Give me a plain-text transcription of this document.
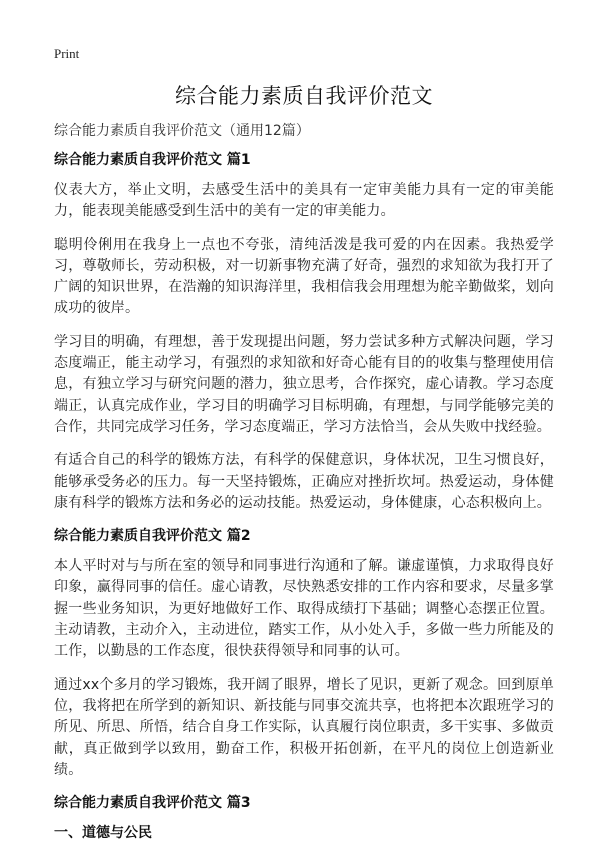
Print
综合能力素质自我评价范文
综合能力素质自我评价范文（通用12篇）
综合能力素质自我评价范文 篇1

仪表大方，举止文明，去感受生活中的美具有一定审美能力具有一定的审美能力，能表现美能感受到生活中的美有一定的审美能力。

聪明伶俐用在我身上一点也不夸张，清纯活泼是我可爱的内在因素。我热爱学习，尊敬师长，劳动积极，对一切新事物充满了好奇，强烈的求知欲为我打开了广阔的知识世界，在浩瀚的知识海洋里，我相信我会用理想为舵辛勤做桨，划向成功的彼岸。

学习目的明确，有理想，善于发现提出问题，努力尝试多种方式解决问题，学习态度端正，能主动学习，有强烈的求知欲和好奇心能有目的的收集与整理使用信息，有独立学习与研究问题的潜力，独立思考，合作探究，虚心请教。学习态度端正，认真完成作业，学习目的明确学习目标明确，有理想，与同学能够完美的合作，共同完成学习任务，学习态度端正，学习方法恰当，会从失败中找经验。

有适合自己的科学的锻炼方法，有科学的保健意识，身体状况，卫生习惯良好，能够承受务必的压力。每一天坚持锻炼，正确应对挫折坎坷。热爱运动，身体健康有科学的锻炼方法和务必的运动技能。热爱运动，身体健康，心态积极向上。

综合能力素质自我评价范文 篇2

本人平时对与与所在室的领导和同事进行沟通和了解。谦虚谨慎，力求取得良好印象，赢得同事的信任。虚心请教，尽快熟悉安排的工作内容和要求，尽量多掌握一些业务知识，为更好地做好工作、取得成绩打下基础；调整心态摆正位置。主动请教，主动介入，主动进位，踏实工作，从小处入手，多做一些力所能及的工作，以勤恳的工作态度，很快获得领导和同事的认可。

通过xx个多月的学习锻炼，我开阔了眼界，增长了见识，更新了观念。回到原单位，我将把在所学到的新知识、新技能与同事交流共享，也将把本次跟班学习的所见、所思、所悟，结合自身工作实际，认真履行岗位职责，多干实事、多做贡献，真正做到学以致用，勤奋工作，积极开拓创新，在平凡的岗位上创造新业绩。

综合能力素质自我评价范文 篇3
一、道德与公民
